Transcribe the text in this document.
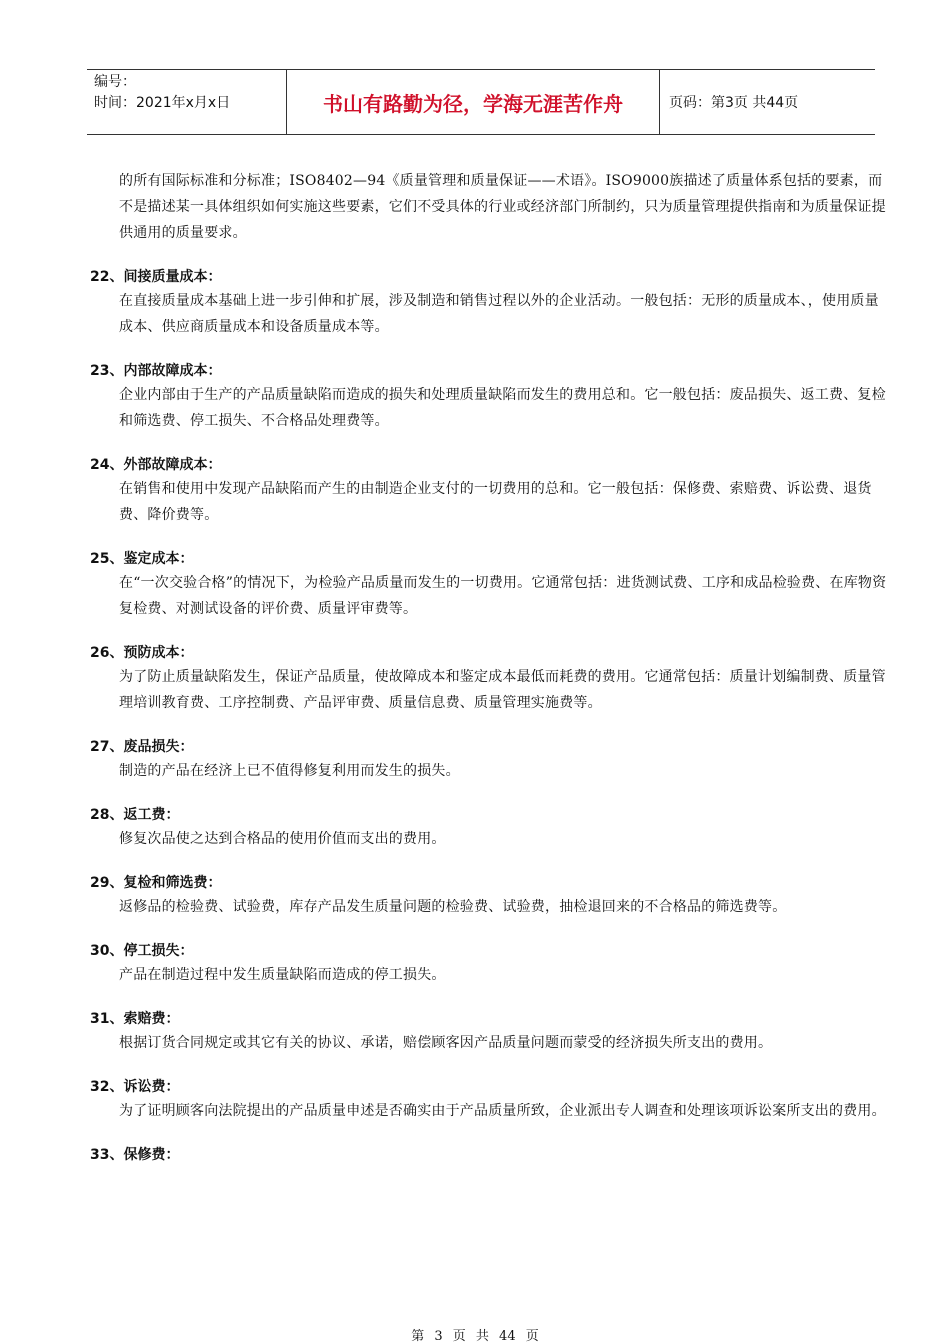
编号：
时间：2021年x月x日	书山有路勤为径，学海无涯苦作舟	页码：第3页 共44页
的所有国际标准和分标准；ISO8402—94《质量管理和质量保证——术语》。ISO9000族描述了质量体系包括的要素，而不是描述某一具体组织如何实施这些要素，它们不受具体的行业或经济部门所制约，只为质量管理提供指南和为质量保证提供通用的质量要求。
22、间接质量成本：
在直接质量成本基础上进一步引伸和扩展，涉及制造和销售过程以外的企业活动。一般包括：无形的质量成本、，使用质量成本、供应商质量成本和设备质量成本等。
23、内部故障成本：
企业内部由于生产的产品质量缺陷而造成的损失和处理质量缺陷而发生的费用总和。它一般包括：废品损失、返工费、复检和筛选费、停工损失、不合格品处理费等。
24、外部故障成本：
在销售和使用中发现产品缺陷而产生的由制造企业支付的一切费用的总和。它一般包括：保修费、索赔费、诉讼费、退货费、降价费等。
25、鉴定成本：
在“一次交验合格”的情况下，为检验产品质量而发生的一切费用。它通常包括：进货测试费、工序和成品检验费、在库物资复检费、对测试设备的评价费、质量评审费等。
26、预防成本：
为了防止质量缺陷发生，保证产品质量，使故障成本和鉴定成本最低而耗费的费用。它通常包括：质量计划编制费、质量管理培训教育费、工序控制费、产品评审费、质量信息费、质量管理实施费等。
27、废品损失：
制造的产品在经济上已不值得修复利用而发生的损失。
28、返工费：
修复次品使之达到合格品的使用价值而支出的费用。
29、复检和筛选费：
返修品的检验费、试验费，库存产品发生质量问题的检验费、试验费，抽检退回来的不合格品的筛选费等。
30、停工损失：
产品在制造过程中发生质量缺陷而造成的停工损失。
31、索赔费：
根据订货合同规定或其它有关的协议、承诺，赔偿顾客因产品质量问题而蒙受的经济损失所支出的费用。
32、诉讼费：
为了证明顾客向法院提出的产品质量申述是否确实由于产品质量所致，企业派出专人调查和处理该项诉讼案所支出的费用。
33、保修费：
第 3 页 共 44 页
